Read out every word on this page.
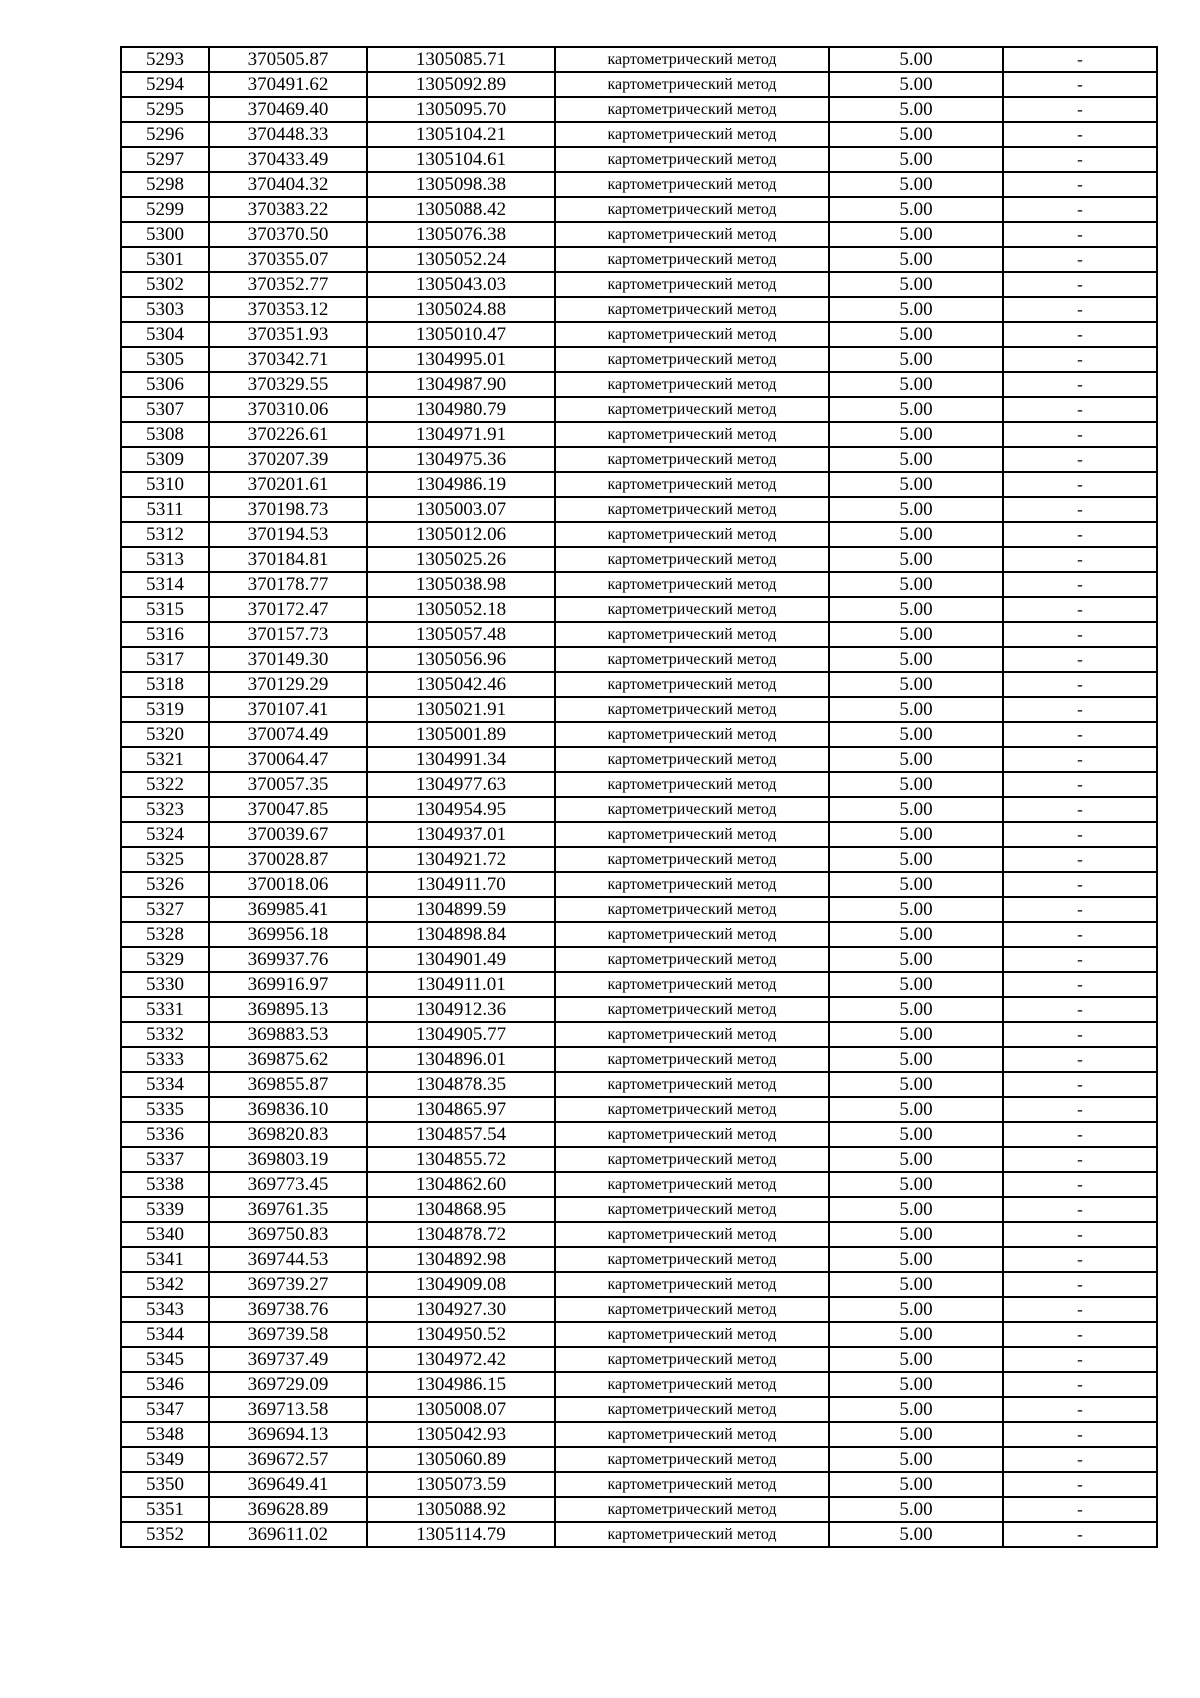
5293	370505.87	1305085.71	картометрический метод	5.00	-
5294	370491.62	1305092.89	картометрический метод	5.00	-
5295	370469.40	1305095.70	картометрический метод	5.00	-
5296	370448.33	1305104.21	картометрический метод	5.00	-
5297	370433.49	1305104.61	картометрический метод	5.00	-
5298	370404.32	1305098.38	картометрический метод	5.00	-
5299	370383.22	1305088.42	картометрический метод	5.00	-
5300	370370.50	1305076.38	картометрический метод	5.00	-
5301	370355.07	1305052.24	картометрический метод	5.00	-
5302	370352.77	1305043.03	картометрический метод	5.00	-
5303	370353.12	1305024.88	картометрический метод	5.00	-
5304	370351.93	1305010.47	картометрический метод	5.00	-
5305	370342.71	1304995.01	картометрический метод	5.00	-
5306	370329.55	1304987.90	картометрический метод	5.00	-
5307	370310.06	1304980.79	картометрический метод	5.00	-
5308	370226.61	1304971.91	картометрический метод	5.00	-
5309	370207.39	1304975.36	картометрический метод	5.00	-
5310	370201.61	1304986.19	картометрический метод	5.00	-
5311	370198.73	1305003.07	картометрический метод	5.00	-
5312	370194.53	1305012.06	картометрический метод	5.00	-
5313	370184.81	1305025.26	картометрический метод	5.00	-
5314	370178.77	1305038.98	картометрический метод	5.00	-
5315	370172.47	1305052.18	картометрический метод	5.00	-
5316	370157.73	1305057.48	картометрический метод	5.00	-
5317	370149.30	1305056.96	картометрический метод	5.00	-
5318	370129.29	1305042.46	картометрический метод	5.00	-
5319	370107.41	1305021.91	картометрический метод	5.00	-
5320	370074.49	1305001.89	картометрический метод	5.00	-
5321	370064.47	1304991.34	картометрический метод	5.00	-
5322	370057.35	1304977.63	картометрический метод	5.00	-
5323	370047.85	1304954.95	картометрический метод	5.00	-
5324	370039.67	1304937.01	картометрический метод	5.00	-
5325	370028.87	1304921.72	картометрический метод	5.00	-
5326	370018.06	1304911.70	картометрический метод	5.00	-
5327	369985.41	1304899.59	картометрический метод	5.00	-
5328	369956.18	1304898.84	картометрический метод	5.00	-
5329	369937.76	1304901.49	картометрический метод	5.00	-
5330	369916.97	1304911.01	картометрический метод	5.00	-
5331	369895.13	1304912.36	картометрический метод	5.00	-
5332	369883.53	1304905.77	картометрический метод	5.00	-
5333	369875.62	1304896.01	картометрический метод	5.00	-
5334	369855.87	1304878.35	картометрический метод	5.00	-
5335	369836.10	1304865.97	картометрический метод	5.00	-
5336	369820.83	1304857.54	картометрический метод	5.00	-
5337	369803.19	1304855.72	картометрический метод	5.00	-
5338	369773.45	1304862.60	картометрический метод	5.00	-
5339	369761.35	1304868.95	картометрический метод	5.00	-
5340	369750.83	1304878.72	картометрический метод	5.00	-
5341	369744.53	1304892.98	картометрический метод	5.00	-
5342	369739.27	1304909.08	картометрический метод	5.00	-
5343	369738.76	1304927.30	картометрический метод	5.00	-
5344	369739.58	1304950.52	картометрический метод	5.00	-
5345	369737.49	1304972.42	картометрический метод	5.00	-
5346	369729.09	1304986.15	картометрический метод	5.00	-
5347	369713.58	1305008.07	картометрический метод	5.00	-
5348	369694.13	1305042.93	картометрический метод	5.00	-
5349	369672.57	1305060.89	картометрический метод	5.00	-
5350	369649.41	1305073.59	картометрический метод	5.00	-
5351	369628.89	1305088.92	картометрический метод	5.00	-
5352	369611.02	1305114.79	картометрический метод	5.00	-
